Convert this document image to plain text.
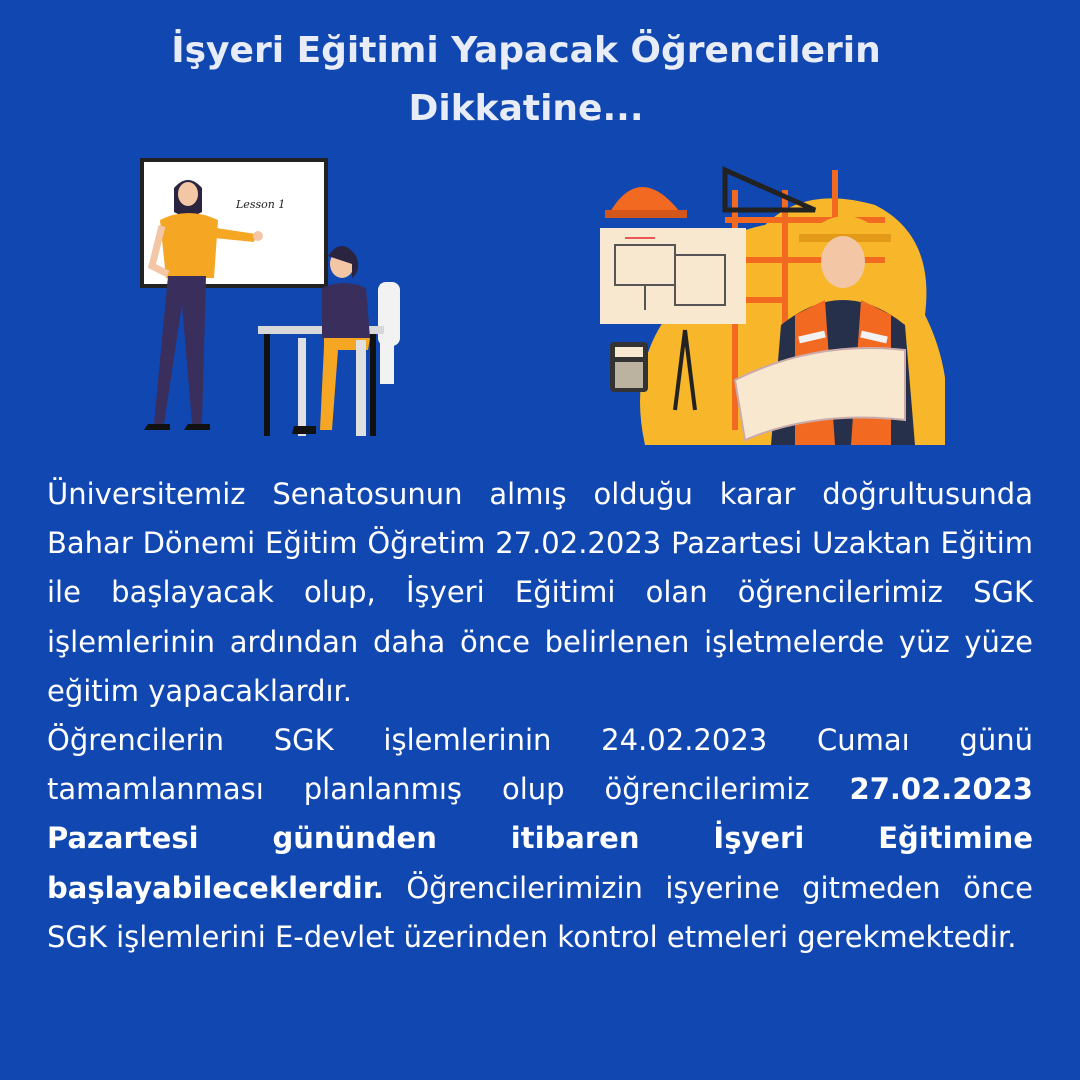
İşyeri Eğitimi Yapacak Öğrencilerin
Dikkatine...
Lesson 1

Üniversitemiz Senatosunun almış olduğu karar doğrultusunda Bahar Dönemi Eğitim Öğretim 27.02.2023 Pazartesi Uzaktan Eğitim ile başlayacak olup, İşyeri Eğitimi olan öğrencilerimiz SGK işlemlerinin ardından daha önce belirlenen işletmelerde yüz yüze eğitim yapacaklardır.

Öğrencilerin SGK işlemlerinin 24.02.2023 Cumaı günü tamamlanması planlanmış olup öğrencilerimiz 27.02.2023 Pazartesi gününden itibaren İşyeri Eğitimine başlayabileceklerdir. Öğrencilerimizin işyerine gitmeden önce SGK işlemlerini E-devlet üzerinden kontrol etmeleri gerekmektedir.
